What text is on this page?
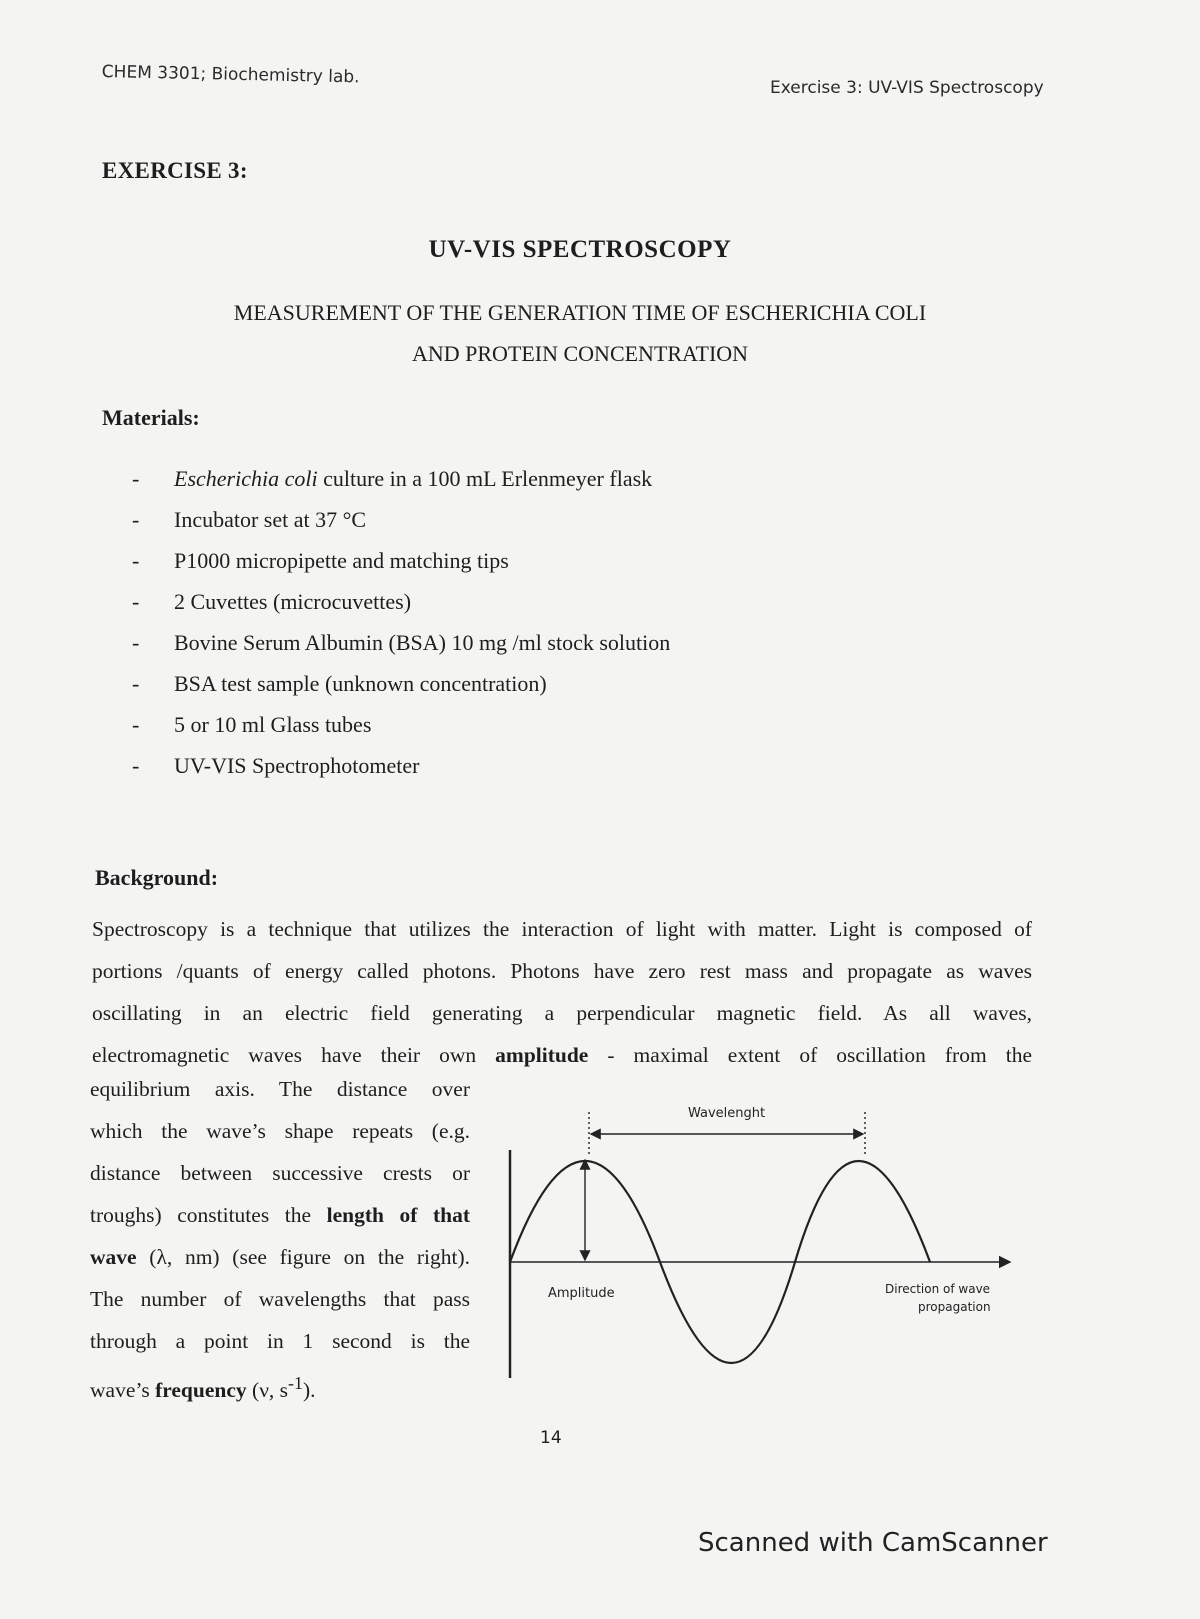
CHEM 3301; Biochemistry lab.
Exercise 3: UV-VIS Spectroscopy
EXERCISE 3:
UV-VIS SPECTROSCOPY
MEASUREMENT OF THE GENERATION TIME OF ESCHERICHIA COLI
AND PROTEIN CONCENTRATION
Materials:
-	Escherichia coli culture in a 100 mL Erlenmeyer flask
-	Incubator set at 37 °C
-	P1000 micropipette and matching tips
-	2 Cuvettes (microcuvettes)
-	Bovine Serum Albumin (BSA) 10 mg /ml stock solution
-	BSA test sample (unknown concentration)
-	5 or 10 ml Glass tubes
-	UV-VIS Spectrophotometer
Background:
Spectroscopy is a technique that utilizes the interaction of light with matter. Light is composed of
portions /quants of energy called photons. Photons have zero rest mass and propagate as waves
oscillating in an electric field generating a perpendicular magnetic field. As all waves,
electromagnetic waves have their own amplitude - maximal extent of oscillation from the
equilibrium axis. The distance over
which the wave’s shape repeats (e.g.
distance between successive crests or
troughs) constitutes the length of that
wave (λ, nm) (see figure on the right).
The number of wavelengths that pass
through a point in 1 second is the
wave’s frequency (ν, $s^{-1}$).
Wavelenght
Amplitude	Direction of wave
propagation
14
Scanned with CamScanner
